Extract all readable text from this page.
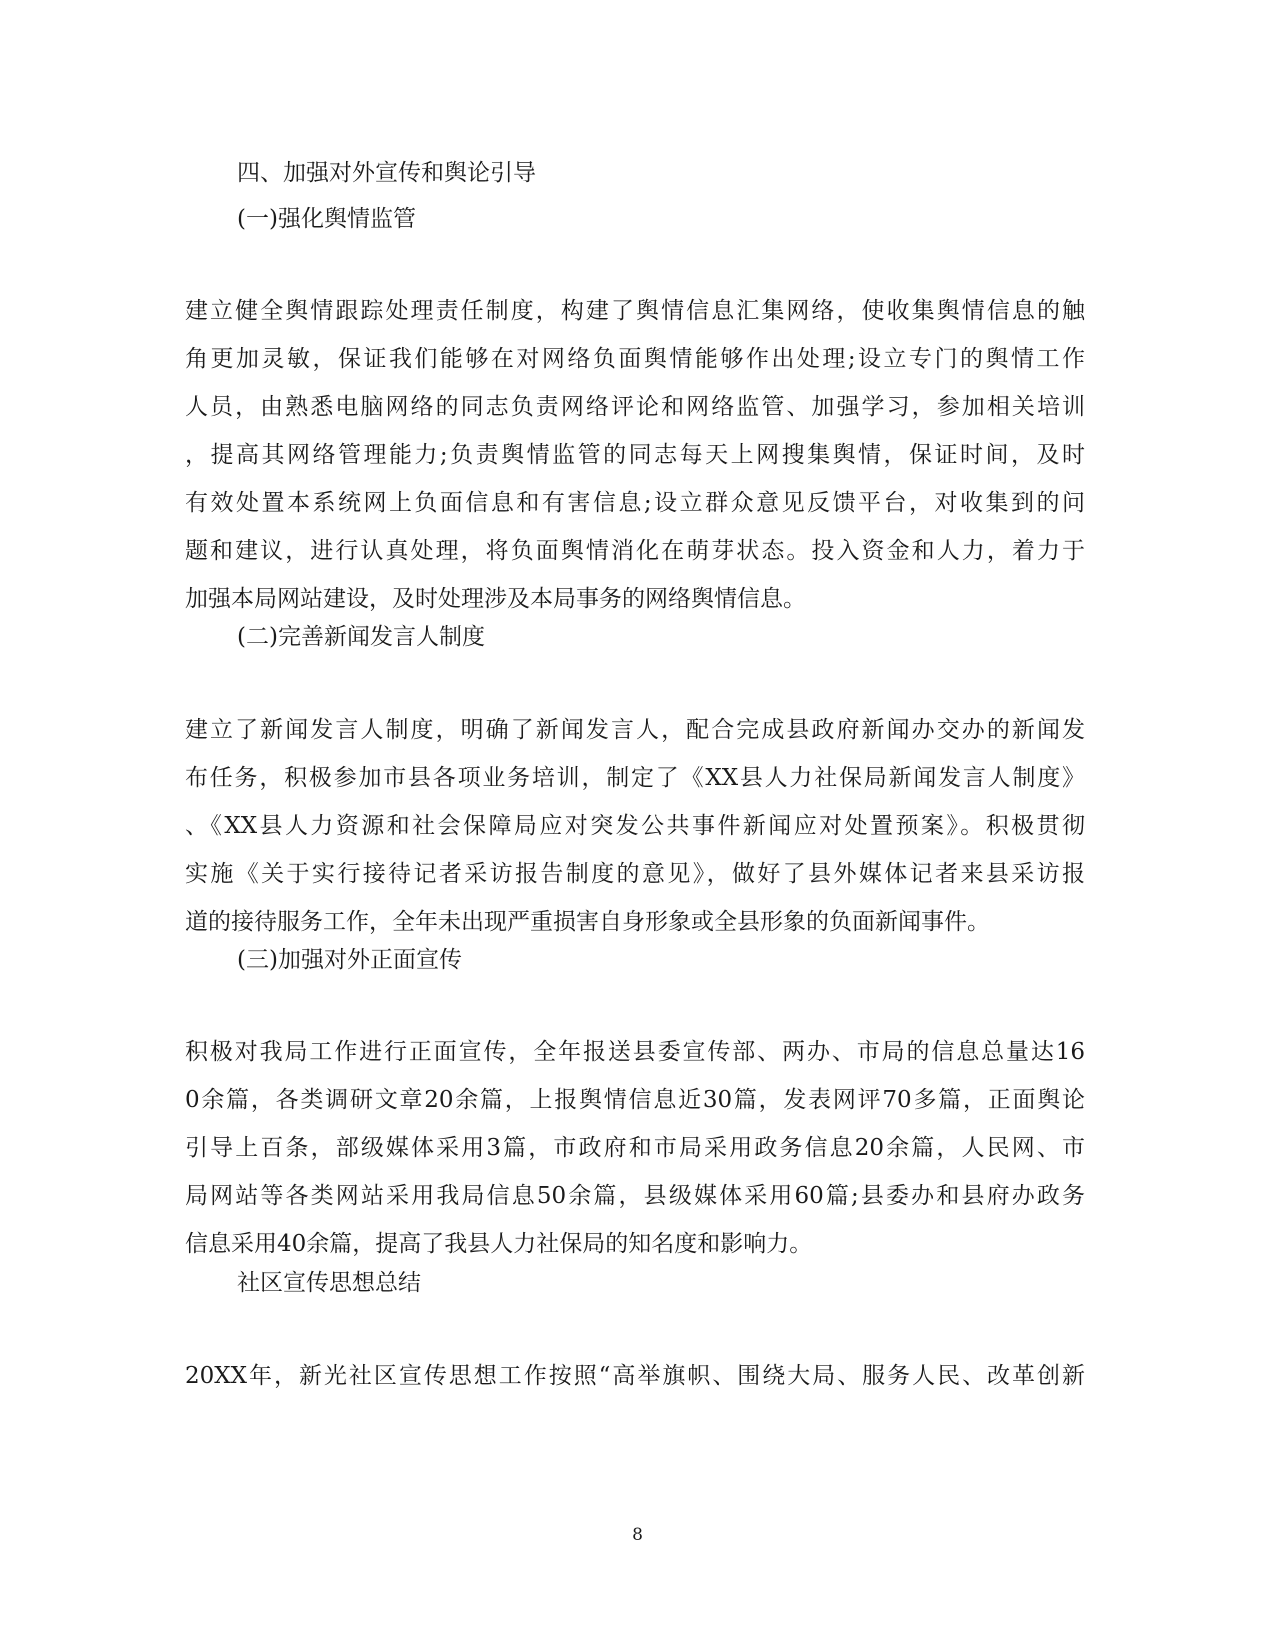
四、加强对外宣传和舆论引导
(一)强化舆情监管
建立健全舆情跟踪处理责任制度，构建了舆情信息汇集网络，使收集舆情信息的触
角更加灵敏，保证我们能够在对网络负面舆情能够作出处理;设立专门的舆情工作
人员，由熟悉电脑网络的同志负责网络评论和网络监管、加强学习，参加相关培训
，提高其网络管理能力;负责舆情监管的同志每天上网搜集舆情，保证时间，及时
有效处置本系统网上负面信息和有害信息;设立群众意见反馈平台，对收集到的问
题和建议，进行认真处理，将负面舆情消化在萌芽状态。投入资金和人力，着力于
加强本局网站建设，及时处理涉及本局事务的网络舆情信息。
(二)完善新闻发言人制度
建立了新闻发言人制度，明确了新闻发言人，配合完成县政府新闻办交办的新闻发
布任务，积极参加市县各项业务培训，制定了《XX县人力社保局新闻发言人制度》
、《XX县人力资源和社会保障局应对突发公共事件新闻应对处置预案》。积极贯彻
实施《关于实行接待记者采访报告制度的意见》，做好了县外媒体记者来县采访报
道的接待服务工作，全年未出现严重损害自身形象或全县形象的负面新闻事件。
(三)加强对外正面宣传
积极对我局工作进行正面宣传，全年报送县委宣传部、两办、市局的信息总量达16
0余篇，各类调研文章20余篇，上报舆情信息近30篇，发表网评70多篇，正面舆论
引导上百条，部级媒体采用3篇，市政府和市局采用政务信息20余篇，人民网、市
局网站等各类网站采用我局信息50余篇，县级媒体采用60篇;县委办和县府办政务
信息采用40余篇，提高了我县人力社保局的知名度和影响力。
社区宣传思想总结
20XX年，新光社区宣传思想工作按照“高举旗帜、围绕大局、服务人民、改革创新
8
